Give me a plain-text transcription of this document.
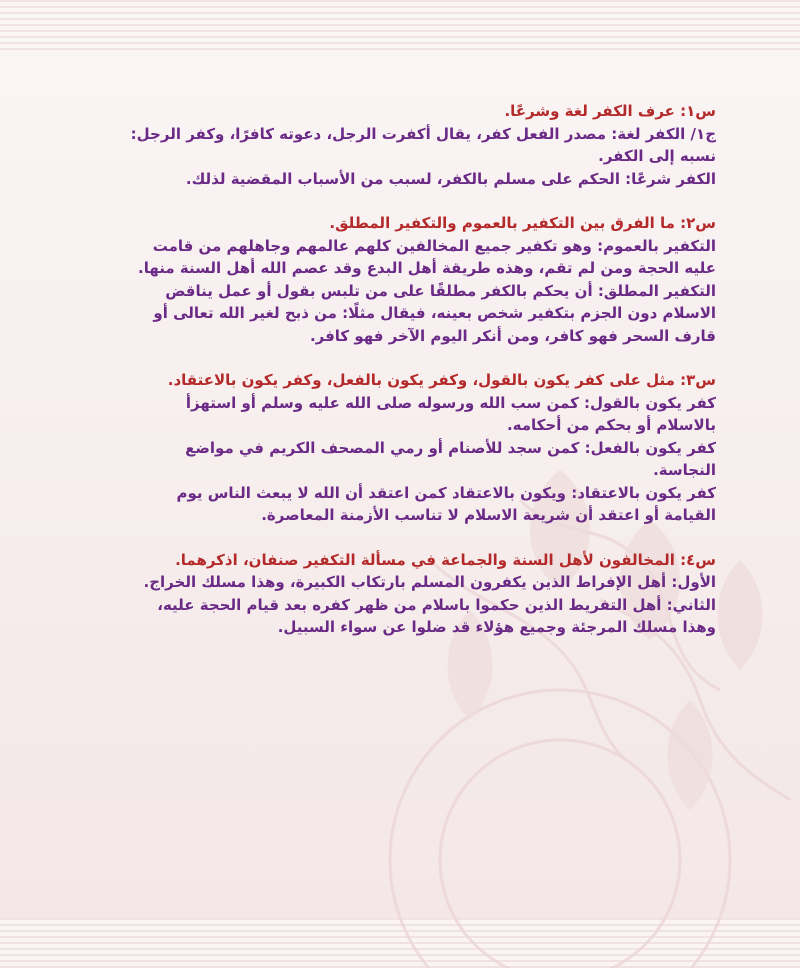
س١: عرف الكفر لغة وشرعًا.

ج١/ الكفر لغة: مصدر الفعل كفر، يقال أكفرت الرجل، دعوته كافرًا، وكفر الرجل: نسبه إلى الكفر.

الكفر شرعًا: الحكم على مسلم بالكفر، لسبب من الأسباب المقضية لذلك.

س٢: ما الفرق بين التكفير بالعموم والتكفير المطلق.

التكفير بالعموم: وهو تكفير جميع المخالفين كلهم عالمهم وجاهلهم من قامت عليه الحجة ومن لم تقم، وهذه طريقة أهل البدع وقد عصم الله أهل السنة منها.

التكفير المطلق: أن يحكم بالكفر مطلقًا على من تلبس بقول أو عمل يناقض الاسلام دون الجزم بتكفير شخص بعينه، فيقال مثلًا: من ذبح لغير الله تعالى أو قارف السحر فهو كافر، ومن أنكر اليوم الآخر فهو كافر.

س٣: مثل على كفر يكون بالقول، وكفر يكون بالفعل، وكفر يكون بالاعتقاد.

كفر يكون بالقول: كمن سب الله ورسوله صلى الله عليه وسلم أو استهزأ بالاسلام أو بحكم من أحكامه.

كفر يكون بالفعل: كمن سجد للأصنام أو رمي المصحف الكريم في مواضع النجاسة.

كفر يكون بالاعتقاد: ويكون بالاعتقاد كمن اعتقد أن الله لا يبعث الناس يوم القيامة أو اعتقد أن شريعة الاسلام لا تناسب الأزمنة المعاصرة.

س٤: المخالفون لأهل السنة والجماعة في مسألة التكفير صنفان، اذكرهما.

الأول: أهل الإفراط الذين يكفرون المسلم بارتكاب الكبيرة، وهذا مسلك الخراج.

الثاني: أهل التفريط الذين حكموا باسلام من ظهر كفره بعد قيام الحجة عليه، وهذا مسلك المرجئة وجميع هؤلاء قد ضلوا عن سواء السبيل.
